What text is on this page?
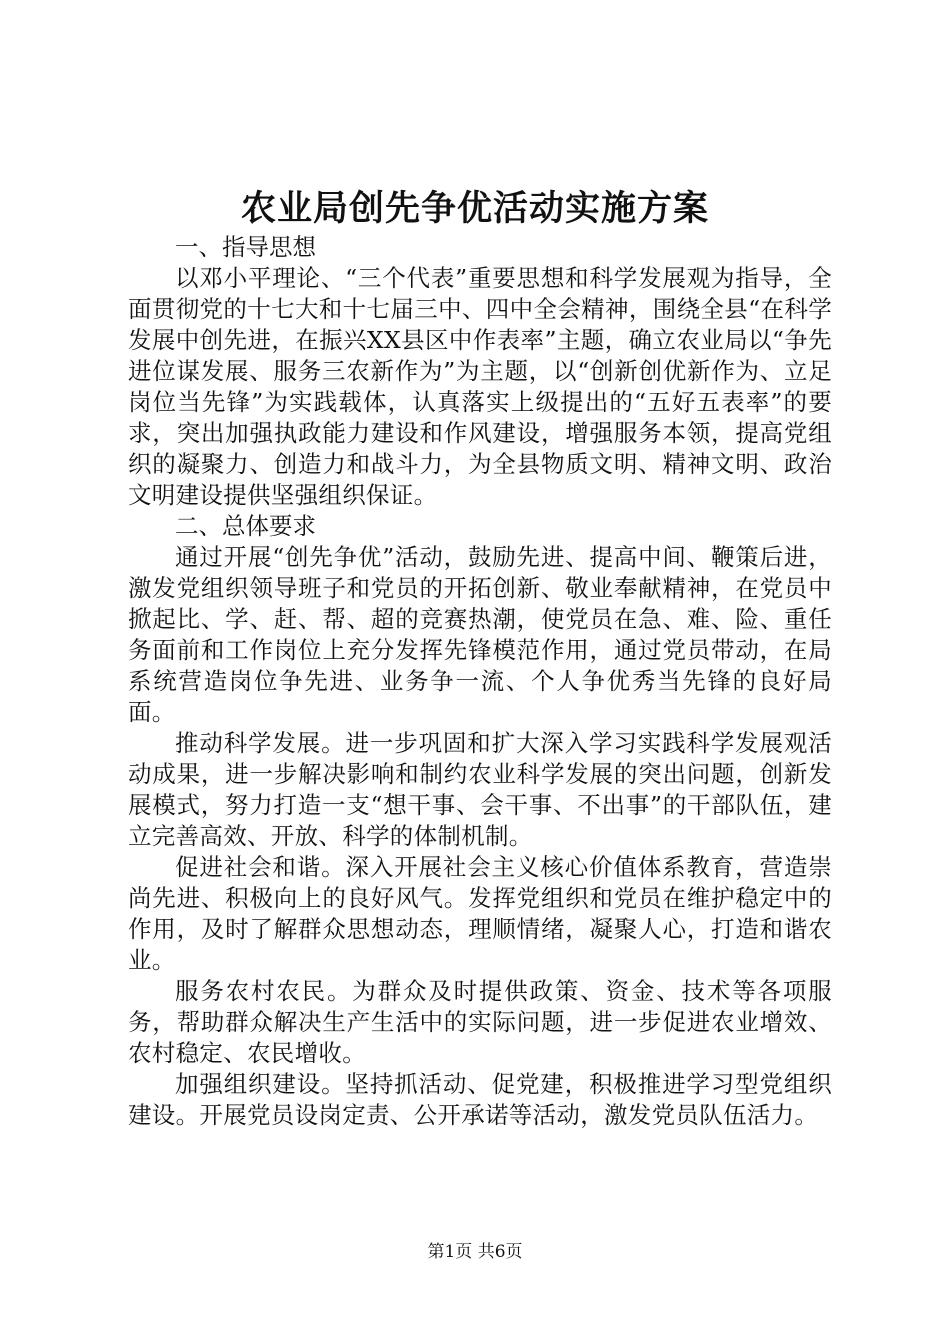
农业局创先争优活动实施方案

一、指导思想

以邓小平理论、“三个代表”重要思想和科学发展观为指导，全面贯彻党的十七大和十七届三中、四中全会精神，围绕全县“在科学发展中创先进，在振兴XX县区中作表率”主题，确立农业局以“争先进位谋发展、服务三农新作为”为主题，以“创新创优新作为、立足岗位当先锋”为实践载体，认真落实上级提出的“五好五表率”的要求，突出加强执政能力建设和作风建设，增强服务本领，提高党组织的凝聚力、创造力和战斗力，为全县物质文明、精神文明、政治文明建设提供坚强组织保证。

二、总体要求

通过开展“创先争优”活动，鼓励先进、提高中间、鞭策后进，激发党组织领导班子和党员的开拓创新、敬业奉献精神，在党员中掀起比、学、赶、帮、超的竞赛热潮，使党员在急、难、险、重任务面前和工作岗位上充分发挥先锋模范作用，通过党员带动，在局系统营造岗位争先进、业务争一流、个人争优秀当先锋的良好局面。

推动科学发展。进一步巩固和扩大深入学习实践科学发展观活动成果，进一步解决影响和制约农业科学发展的突出问题，创新发展模式，努力打造一支“想干事、会干事、不出事”的干部队伍，建立完善高效、开放、科学的体制机制。

促进社会和谐。深入开展社会主义核心价值体系教育，营造崇尚先进、积极向上的良好风气。发挥党组织和党员在维护稳定中的作用，及时了解群众思想动态，理顺情绪，凝聚人心，打造和谐农业。

服务农村农民。为群众及时提供政策、资金、技术等各项服务，帮助群众解决生产生活中的实际问题，进一步促进农业增效、农村稳定、农民增收。

加强组织建设。坚持抓活动、促党建，积极推进学习型党组织建设。开展党员设岗定责、公开承诺等活动，激发党员队伍活力。

第1页 共6页
